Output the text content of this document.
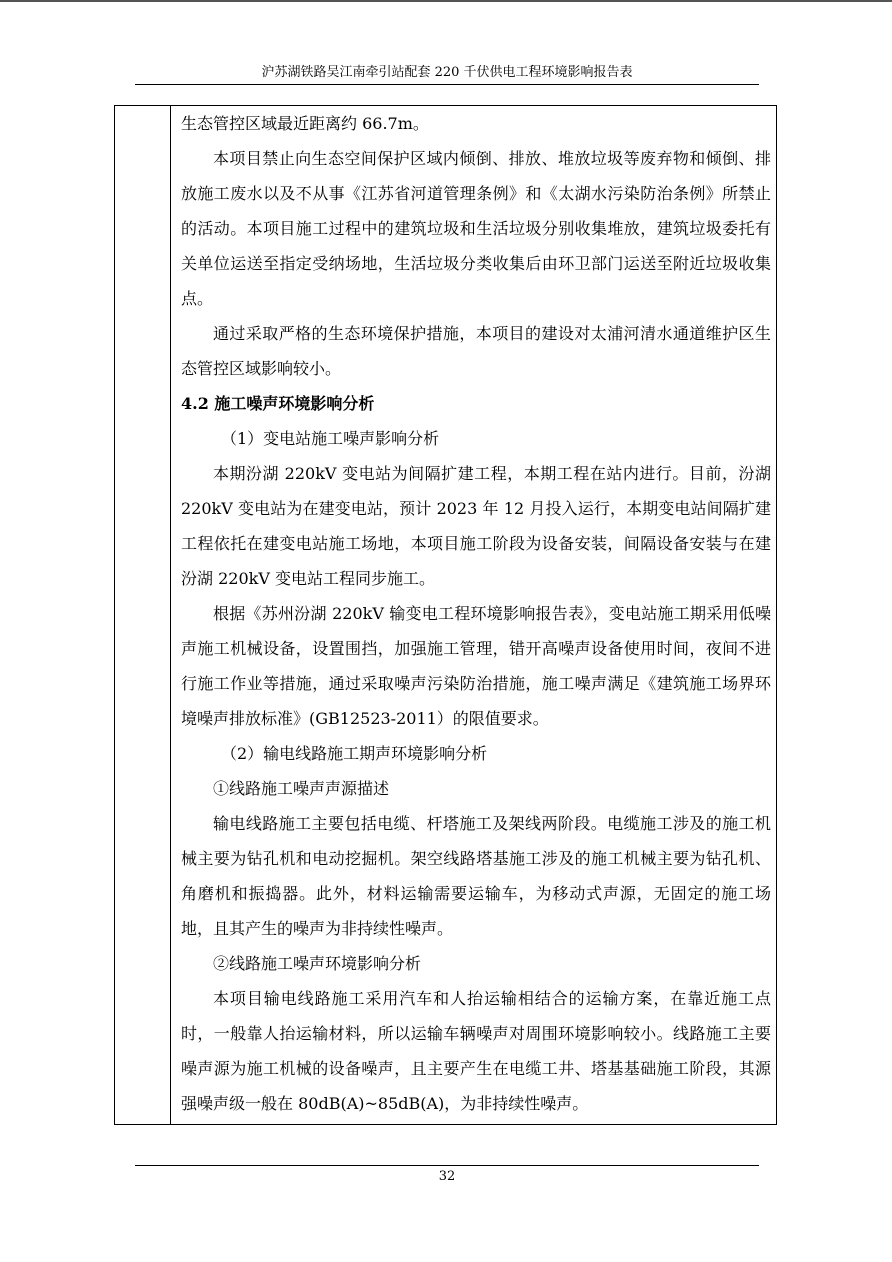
沪苏湖铁路吴江南牵引站配套 220 千伏供电工程环境影响报告表

生态管控区域最近距离约 66.7m。

本项目禁止向生态空间保护区域内倾倒、排放、堆放垃圾等废弃物和倾倒、排放施工废水以及不从事《江苏省河道管理条例》和《太湖水污染防治条例》所禁止的活动。本项目施工过程中的建筑垃圾和生活垃圾分别收集堆放，建筑垃圾委托有关单位运送至指定受纳场地，生活垃圾分类收集后由环卫部门运送至附近垃圾收集点。

通过采取严格的生态环境保护措施，本项目的建设对太浦河清水通道维护区生态管控区域影响较小。

4.2 施工噪声环境影响分析

（1）变电站施工噪声影响分析

本期汾湖 220kV 变电站为间隔扩建工程，本期工程在站内进行。目前，汾湖 220kV 变电站为在建变电站，预计 2023 年 12 月投入运行，本期变电站间隔扩建工程依托在建变电站施工场地，本项目施工阶段为设备安装，间隔设备安装与在建汾湖 220kV 变电站工程同步施工。

根据《苏州汾湖 220kV 输变电工程环境影响报告表》，变电站施工期采用低噪声施工机械设备，设置围挡，加强施工管理，错开高噪声设备使用时间，夜间不进行施工作业等措施，通过采取噪声污染防治措施，施工噪声满足《建筑施工场界环境噪声排放标准》(GB12523-2011）的限值要求。

（2）输电线路施工期声环境影响分析

①线路施工噪声声源描述

输电线路施工主要包括电缆、杆塔施工及架线两阶段。电缆施工涉及的施工机械主要为钻孔机和电动挖掘机。架空线路塔基施工涉及的施工机械主要为钻孔机、角磨机和振捣器。此外，材料运输需要运输车，为移动式声源，无固定的施工场地，且其产生的噪声为非持续性噪声。

②线路施工噪声环境影响分析

本项目输电线路施工采用汽车和人抬运输相结合的运输方案，在靠近施工点时，一般靠人抬运输材料，所以运输车辆噪声对周围环境影响较小。线路施工主要噪声源为施工机械的设备噪声，且主要产生在电缆工井、塔基基础施工阶段，其源强噪声级一般在 80dB(A)~85dB(A)，为非持续性噪声。

32
